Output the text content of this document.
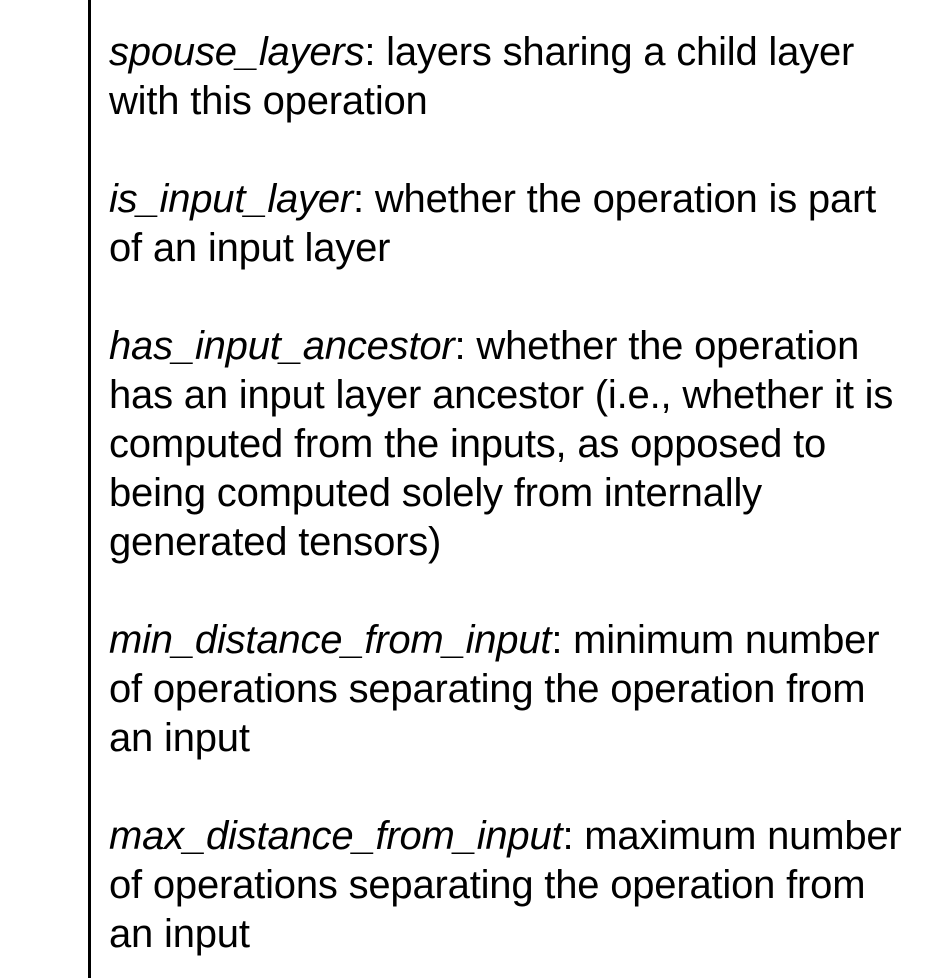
spouse_layers: layers sharing a child layer with this operation

is_input_layer: whether the operation is part of an input layer

has_input_ancestor: whether the operation has an input layer ancestor (i.e., whether it is computed from the inputs, as opposed to being computed solely from internally generated tensors)

min_distance_from_input: minimum number of operations separating the operation from an input

max_distance_from_input: maximum number of operations separating the operation from an input
